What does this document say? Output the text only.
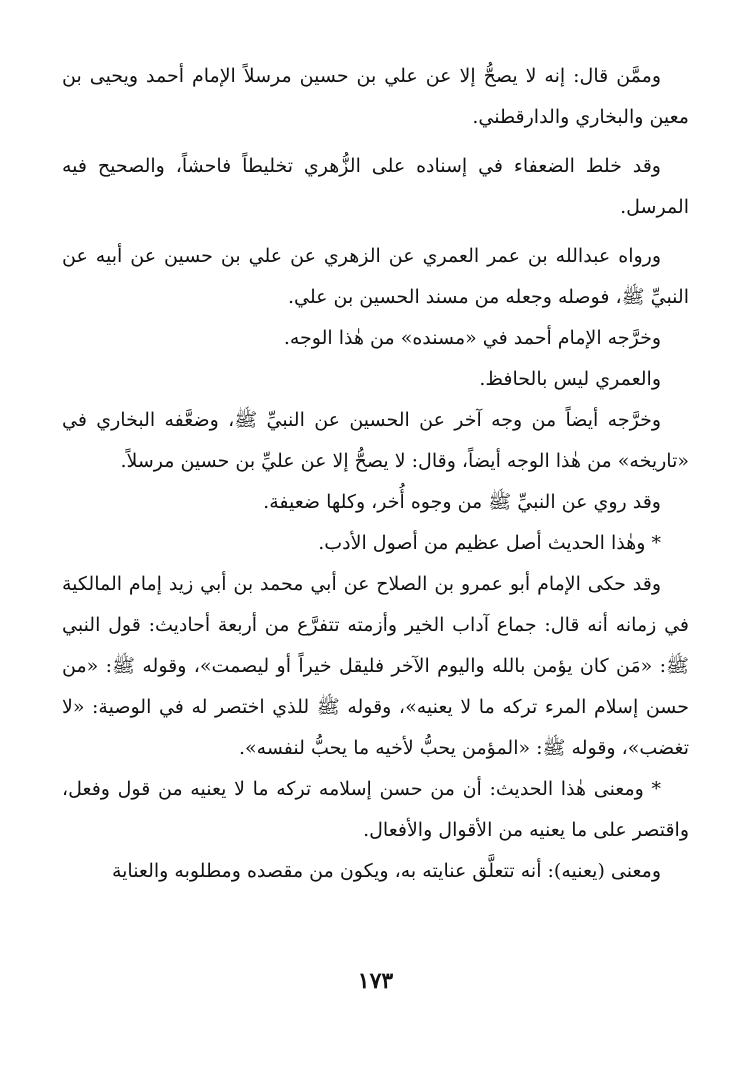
وممَّن قال: إنه لا يصحُّ إلا عن علي بن حسين مرسلاً الإمام أحمد ويحيى بن معين والبخاري والدارقطني.

وقد خلط الضعفاء في إسناده على الزُّهري تخليطاً فاحشاً، والصحيح فيه المرسل.

ورواه عبدالله بن عمر العمري عن الزهري عن علي بن حسين عن أبيه عن النبيِّ ﷺ، فوصله وجعله من مسند الحسين بن علي.

وخرَّجه الإمام أحمد في «مسنده» من هٰذا الوجه.

والعمري ليس بالحافظ.

وخرَّجه أيضاً من وجه آخر عن الحسين عن النبيِّ ﷺ، وضعَّفه البخاري في «تاريخه» من هٰذا الوجه أيضاً، وقال: لا يصحُّ إلا عن عليِّ بن حسين مرسلاً.

وقد روي عن النبيِّ ﷺ من وجوه أُخر، وكلها ضعيفة.

* وهٰذا الحديث أصل عظيم من أصول الأدب.

وقد حكى الإمام أبو عمرو بن الصلاح عن أبي محمد بن أبي زيد إمام المالكية في زمانه أنه قال: جماع آداب الخير وأزمته تتفرَّع من أربعة أحاديث: قول النبي ﷺ: «مَن كان يؤمن بالله واليوم الآخر فليقل خيراً أو ليصمت»، وقوله ﷺ: «من حسن إسلام المرء تركه ما لا يعنيه»، وقوله ﷺ للذي اختصر له في الوصية: «لا تغضب»، وقوله ﷺ: «المؤمن يحبُّ لأخيه ما يحبُّ لنفسه».

* ومعنى هٰذا الحديث: أن من حسن إسلامه تركه ما لا يعنيه من قول وفعل، واقتصر على ما يعنيه من الأقوال والأفعال.

ومعنى (يعنيه): أنه تتعلَّق عنايته به، ويكون من مقصده ومطلوبه والعناية

١٧٣
